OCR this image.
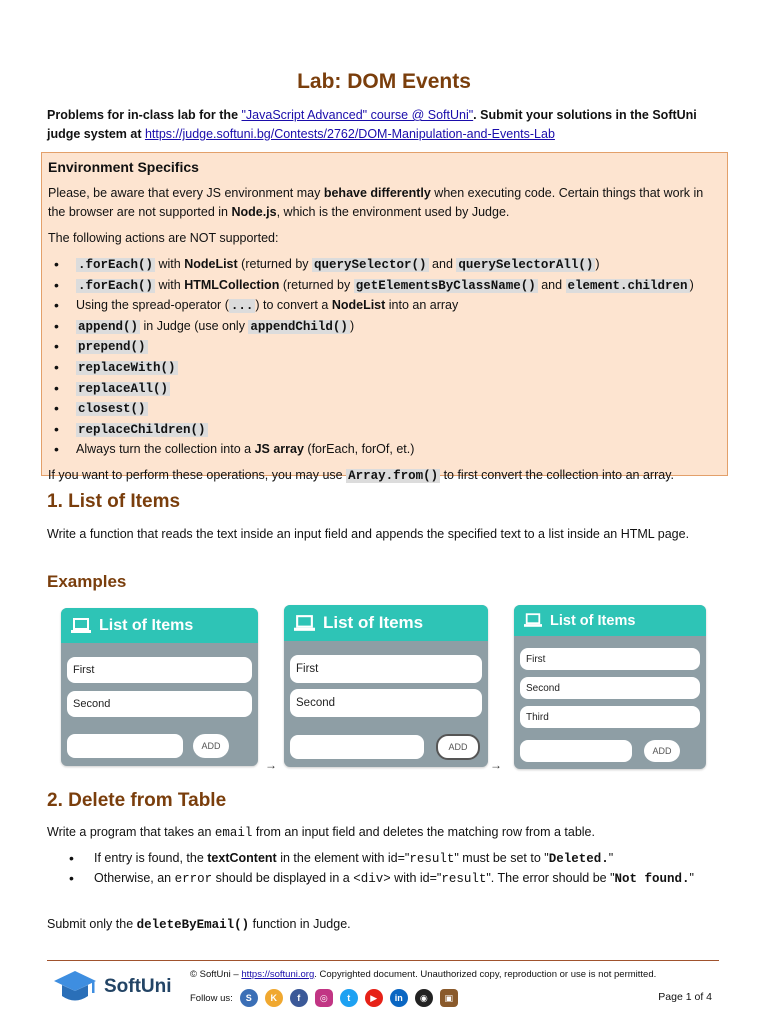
Lab: DOM Events
Problems for in-class lab for the "JavaScript Advanced" course @ SoftUni". Submit your solutions in the SoftUni judge system at https://judge.softuni.bg/Contests/2762/DOM-Manipulation-and-Events-Lab
Environment Specifics

Please, be aware that every JS environment may behave differently when executing code. Certain things that work in the browser are not supported in Node.js, which is the environment used by Judge.

The following actions are NOT supported:

• .forEach() with NodeList (returned by querySelector() and querySelectorAll() )
• .forEach() with HTMLCollection (returned by getElementsByClassName() and element.children )
• Using the spread-operator ( ... ) to convert a NodeList into an array
• append() in Judge (use only appendChild() )
• prepend()
• replaceWith()
• replaceAll()
• closest()
• replaceChildren()
• Always turn the collection into a JS array (forEach, forOf, et.)

If you want to perform these operations, you may use Array.from() to first convert the collection into an array.

1. List of Items
Write a function that reads the text inside an input field and appends the specified text to a list inside an HTML page.
Examples
List of Items
First
Second
ADD
→
List of Items
First
Second
ADD
→
List of Items
First
Second
Third
ADD
2. Delete from Table
Write a program that takes an email from an input field and deletes the matching row from a table.
• If entry is found, the textContent in the element with id="result" must be set to "Deleted."
• Otherwise, an error should be displayed in a <div> with id="result". The error should be "Not found."
Submit only the deleteByEmail() function in Judge.
SoftUni
© SoftUni – https://softuni.org. Copyrighted document. Unauthorized copy, reproduction or use is not permitted.
Follow us:	S	K	f	◎	t	▶	in	◉	▣	Page 1 of 4
